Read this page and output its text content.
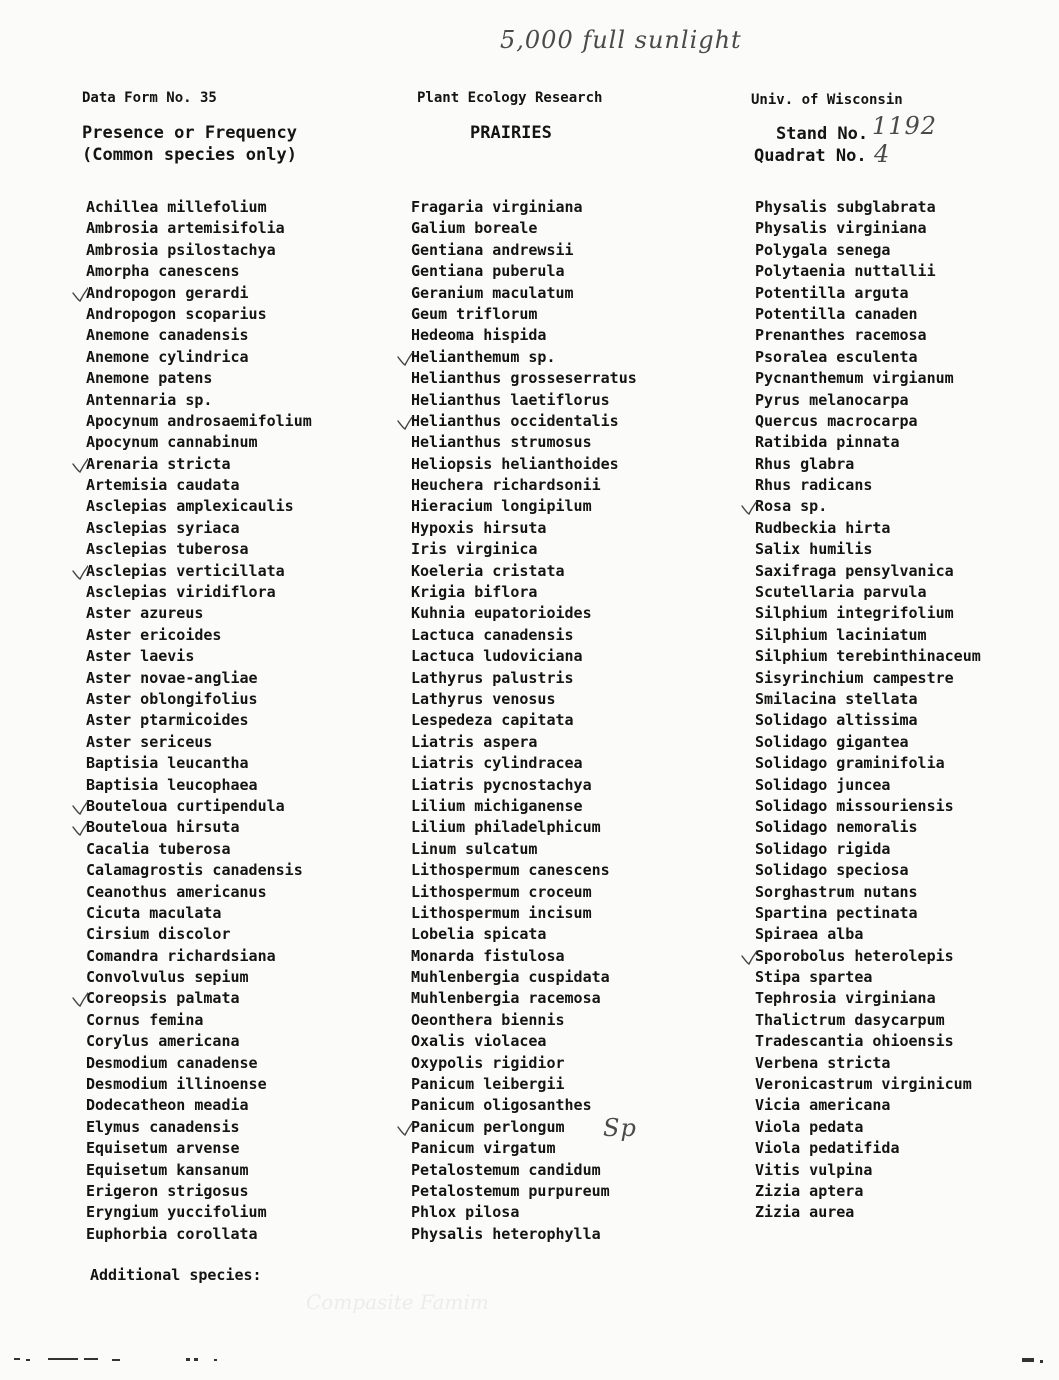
5,000 full sunlight
Data Form No. 35	Plant Ecology Research	Univ. of Wisconsin
Presence or Frequency
(Common species only)
PRAIRIES	Stand No. 1192
Quadrat No. 4
Achillea millefolium
Ambrosia artemisifolia
Ambrosia psilostachya
Amorpha canescens
Andropogon gerardi
Andropogon scoparius
Anemone canadensis
Anemone cylindrica
Anemone patens
Antennaria sp.
Apocynum androsaemifolium
Apocynum cannabinum
Arenaria stricta
Artemisia caudata
Asclepias amplexicaulis
Asclepias syriaca
Asclepias tuberosa
Asclepias verticillata
Asclepias viridiflora
Aster azureus
Aster ericoides
Aster laevis
Aster novae-angliae
Aster oblongifolius
Aster ptarmicoides
Aster sericeus
Baptisia leucantha
Baptisia leucophaea
Bouteloua curtipendula
Bouteloua hirsuta
Cacalia tuberosa
Calamagrostis canadensis
Ceanothus americanus
Cicuta maculata
Cirsium discolor
Comandra richardsiana
Convolvulus sepium
Coreopsis palmata
Cornus femina
Corylus americana
Desmodium canadense
Desmodium illinoense
Dodecatheon meadia
Elymus canadensis
Equisetum arvense
Equisetum kansanum
Erigeron strigosus
Eryngium yuccifolium
Euphorbia corollata
Fragaria virginiana
Galium boreale
Gentiana andrewsii
Gentiana puberula
Geranium maculatum
Geum triflorum
Hedeoma hispida
Helianthemum sp.
Helianthus grosseserratus
Helianthus laetiflorus
Helianthus occidentalis
Helianthus strumosus
Heliopsis helianthoides
Heuchera richardsonii
Hieracium longipilum
Hypoxis hirsuta
Iris virginica
Koeleria cristata
Krigia biflora
Kuhnia eupatorioides
Lactuca canadensis
Lactuca ludoviciana
Lathyrus palustris
Lathyrus venosus
Lespedeza capitata
Liatris aspera
Liatris cylindracea
Liatris pycnostachya
Lilium michiganense
Lilium philadelphicum
Linum sulcatum
Lithospermum canescens
Lithospermum croceum
Lithospermum incisum
Lobelia spicata
Monarda fistulosa
Muhlenbergia cuspidata
Muhlenbergia racemosa
Oeonthera biennis
Oxalis violacea
Oxypolis rigidior
Panicum leibergii
Panicum oligosanthes
Panicum perlongum
Panicum virgatum
Petalostemum candidum
Petalostemum purpureum
Phlox pilosa
Physalis heterophylla
Physalis subglabrata
Physalis virginiana
Polygala senega
Polytaenia nuttallii
Potentilla arguta
Potentilla canaden
Prenanthes racemosa
Psoralea esculenta
Pycnanthemum virgianum
Pyrus melanocarpa
Quercus macrocarpa
Ratibida pinnata
Rhus glabra
Rhus radicans
Rosa sp.
Rudbeckia hirta
Salix humilis
Saxifraga pensylvanica
Scutellaria parvula
Silphium integrifolium
Silphium laciniatum
Silphium terebinthinaceum
Sisyrinchium campestre
Smilacina stellata
Solidago altissima
Solidago gigantea
Solidago graminifolia
Solidago juncea
Solidago missouriensis
Solidago nemoralis
Solidago rigida
Solidago speciosa
Sorghastrum nutans
Spartina pectinata
Spiraea alba
Sporobolus heterolepis
Stipa spartea
Tephrosia virginiana
Thalictrum dasycarpum
Tradescantia ohioensis
Verbena stricta
Veronicastrum virginicum
Vicia americana
Viola pedata
Viola pedatifida
Vitis vulpina
Zizia aptera
Zizia aurea
Sp
Additional species:
Compasite Famim
